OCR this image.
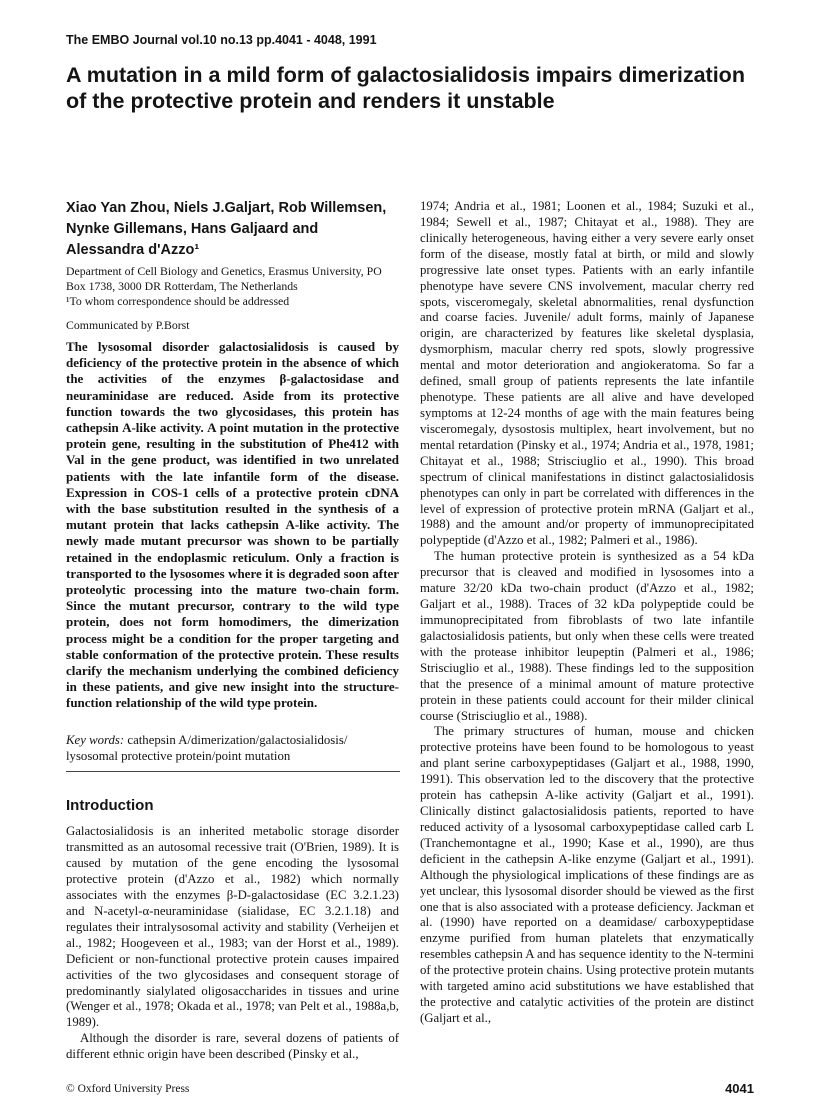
The EMBO Journal vol.10 no.13 pp.4041 - 4048, 1991
A mutation in a mild form of galactosialidosis impairs dimerization of the protective protein and renders it unstable
Xiao Yan Zhou, Niels J.Galjart, Rob Willemsen, Nynke Gillemans, Hans Galjaard and Alessandra d'Azzo¹

Department of Cell Biology and Genetics, Erasmus University, PO Box 1738, 3000 DR Rotterdam, The Netherlands

¹To whom correspondence should be addressed

Communicated by P.Borst
The lysosomal disorder galactosialidosis is caused by deficiency of the protective protein in the absence of which the activities of the enzymes β-galactosidase and neuraminidase are reduced. Aside from its protective function towards the two glycosidases, this protein has cathepsin A-like activity. A point mutation in the protective protein gene, resulting in the substitution of Phe412 with Val in the gene product, was identified in two unrelated patients with the late infantile form of the disease. Expression in COS-1 cells of a protective protein cDNA with the base substitution resulted in the synthesis of a mutant protein that lacks cathepsin A-like activity. The newly made mutant precursor was shown to be partially retained in the endoplasmic reticulum. Only a fraction is transported to the lysosomes where it is degraded soon after proteolytic processing into the mature two-chain form. Since the mutant precursor, contrary to the wild type protein, does not form homodimers, the dimerization process might be a condition for the proper targeting and stable conformation of the protective protein. These results clarify the mechanism underlying the combined deficiency in these patients, and give new insight into the structure-function relationship of the wild type protein.
Key words: cathepsin A/dimerization/galactosialidosis/ lysosomal protective protein/point mutation
Introduction

Galactosialidosis is an inherited metabolic storage disorder transmitted as an autosomal recessive trait (O'Brien, 1989). It is caused by mutation of the gene encoding the lysosomal protective protein (d'Azzo et al., 1982) which normally associates with the enzymes β-D-galactosidase (EC 3.2.1.23) and N-acetyl-α-neuraminidase (sialidase, EC 3.2.1.18) and regulates their intralysosomal activity and stability (Verheijen et al., 1982; Hoogeveen et al., 1983; van der Horst et al., 1989). Deficient or non-functional protective protein causes impaired activities of the two glycosidases and consequent storage of predominantly sialylated oligosaccharides in tissues and urine (Wenger et al., 1978; Okada et al., 1978; van Pelt et al., 1988a,b, 1989).

Although the disorder is rare, several dozens of patients of different ethnic origin have been described (Pinsky et al.,

1974; Andria et al., 1981; Loonen et al., 1984; Suzuki et al., 1984; Sewell et al., 1987; Chitayat et al., 1988). They are clinically heterogeneous, having either a very severe early onset form of the disease, mostly fatal at birth, or mild and slowly progressive late onset types. Patients with an early infantile phenotype have severe CNS involvement, macular cherry red spots, visceromegaly, skeletal abnormalities, renal dysfunction and coarse facies. Juvenile/ adult forms, mainly of Japanese origin, are characterized by features like skeletal dysplasia, dysmorphism, macular cherry red spots, slowly progressive mental and motor deterioration and angiokeratoma. So far a defined, small group of patients represents the late infantile phenotype. These patients are all alive and have developed symptoms at 12-24 months of age with the main features being visceromegaly, dysostosis multiplex, heart involvement, but no mental retardation (Pinsky et al., 1974; Andria et al., 1978, 1981; Chitayat et al., 1988; Strisciuglio et al., 1990). This broad spectrum of clinical manifestations in distinct galactosialidosis phenotypes can only in part be correlated with differences in the level of expression of protective protein mRNA (Galjart et al., 1988) and the amount and/or property of immunoprecipitated polypeptide (d'Azzo et al., 1982; Palmeri et al., 1986).

The human protective protein is synthesized as a 54 kDa precursor that is cleaved and modified in lysosomes into a mature 32/20 kDa two-chain product (d'Azzo et al., 1982; Galjart et al., 1988). Traces of 32 kDa polypeptide could be immunoprecipitated from fibroblasts of two late infantile galactosialidosis patients, but only when these cells were treated with the protease inhibitor leupeptin (Palmeri et al., 1986; Strisciuglio et al., 1988). These findings led to the supposition that the presence of a minimal amount of mature protective protein in these patients could account for their milder clinical course (Strisciuglio et al., 1988).

The primary structures of human, mouse and chicken protective proteins have been found to be homologous to yeast and plant serine carboxypeptidases (Galjart et al., 1988, 1990, 1991). This observation led to the discovery that the protective protein has cathepsin A-like activity (Galjart et al., 1991). Clinically distinct galactosialidosis patients, reported to have reduced activity of a lysosomal carboxypeptidase called carb L (Tranchemontagne et al., 1990; Kase et al., 1990), are thus deficient in the cathepsin A-like enzyme (Galjart et al., 1991). Although the physiological implications of these findings are as yet unclear, this lysosomal disorder should be viewed as the first one that is also associated with a protease deficiency. Jackman et al. (1990) have reported on a deamidase/ carboxypeptidase enzyme purified from human platelets that enzymatically resembles cathepsin A and has sequence identity to the N-termini of the protective protein chains. Using protective protein mutants with targeted amino acid substitutions we have established that the protective and catalytic activities of the protein are distinct (Galjart et al.,

© Oxford University Press	4041
